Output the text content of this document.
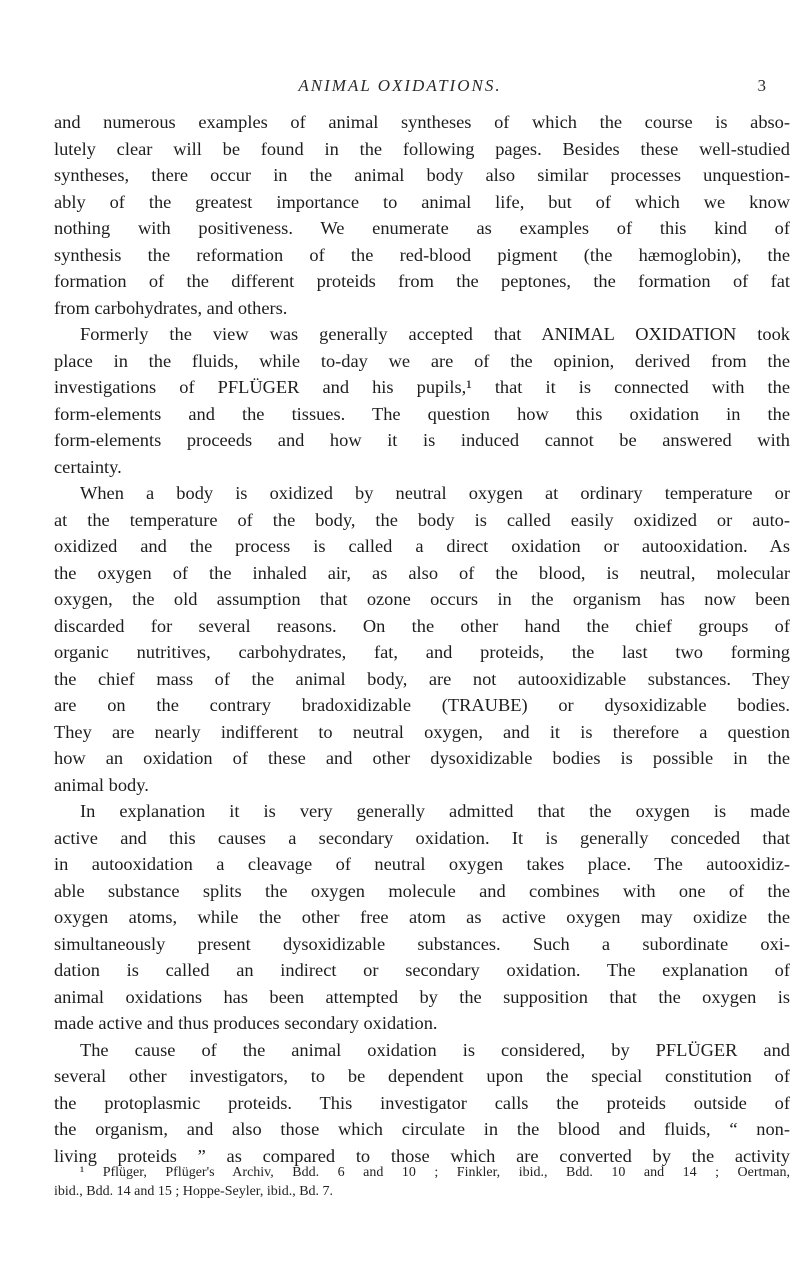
ANIMAL OXIDATIONS.	3
and numerous examples of animal syntheses of which the course is abso-
lutely clear will be found in the following pages. Besides these well-studied
syntheses, there occur in the animal body also similar processes unquestion-
ably of the greatest importance to animal life, but of which we know
nothing with positiveness. We enumerate as examples of this kind of
synthesis the reformation of the red-blood pigment (the hæmoglobin), the
formation of the different proteids from the peptones, the formation of fat
from carbohydrates, and others.
Formerly the view was generally accepted that ANIMAL OXIDATION took
place in the fluids, while to-day we are of the opinion, derived from the
investigations of PFLÜGER and his pupils,¹ that it is connected with the
form-elements and the tissues. The question how this oxidation in the
form-elements proceeds and how it is induced cannot be answered with
certainty.
When a body is oxidized by neutral oxygen at ordinary temperature or
at the temperature of the body, the body is called easily oxidized or auto-
oxidized and the process is called a direct oxidation or autooxidation. As
the oxygen of the inhaled air, as also of the blood, is neutral, molecular
oxygen, the old assumption that ozone occurs in the organism has now been
discarded for several reasons. On the other hand the chief groups of
organic nutritives, carbohydrates, fat, and proteids, the last two forming
the chief mass of the animal body, are not autooxidizable substances. They
are on the contrary bradoxidizable (TRAUBE) or dysoxidizable bodies.
They are nearly indifferent to neutral oxygen, and it is therefore a question
how an oxidation of these and other dysoxidizable bodies is possible in the
animal body.
In explanation it is very generally admitted that the oxygen is made
active and this causes a secondary oxidation. It is generally conceded that
in autooxidation a cleavage of neutral oxygen takes place. The autooxidiz-
able substance splits the oxygen molecule and combines with one of the
oxygen atoms, while the other free atom as active oxygen may oxidize the
simultaneously present dysoxidizable substances. Such a subordinate oxi-
dation is called an indirect or secondary oxidation. The explanation of
animal oxidations has been attempted by the supposition that the oxygen is
made active and thus produces secondary oxidation.
The cause of the animal oxidation is considered, by PFLÜGER and
several other investigators, to be dependent upon the special constitution of
the protoplasmic proteids. This investigator calls the proteids outside of
the organism, and also those which circulate in the blood and fluids, “ non-
living proteids ” as compared to those which are converted by the activity
¹ Pflüger, Pflüger's Archiv, Bdd. 6 and 10 ; Finkler, ibid., Bdd. 10 and 14 ; Oertman,
ibid., Bdd. 14 and 15 ; Hoppe-Seyler, ibid., Bd. 7.
